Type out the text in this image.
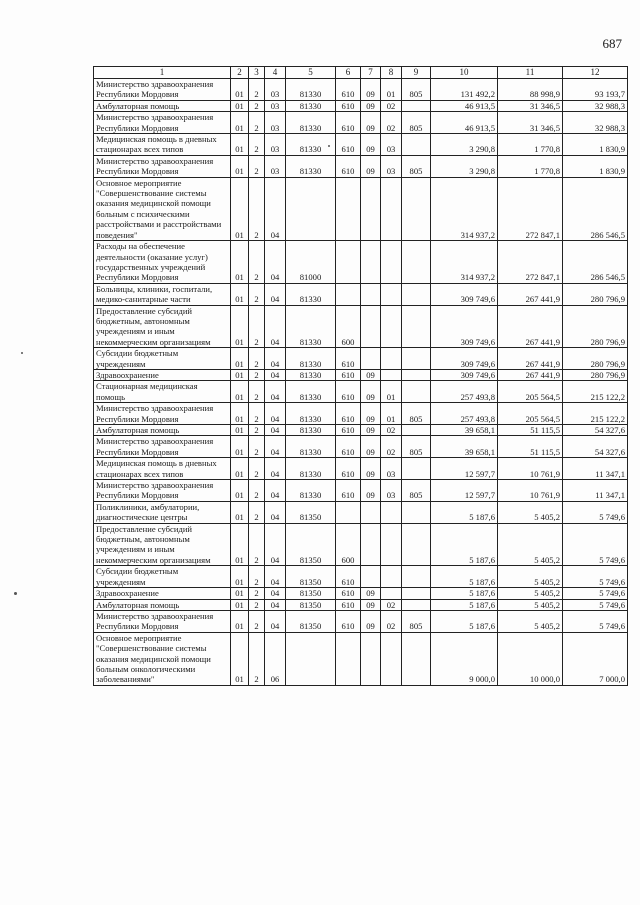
687
1	2	3	4	5	6	7	8	9	10	11	12
Министерство здравоохранения Республики Мордовия	01	2	03	81330	610	09	01	805	131 492,2	88 998,9	93 193,7
Амбулаторная помощь	01	2	03	81330	610	09	02		46 913,5	31 346,5	32 988,3
Министерство здравоохранения Республики Мордовия	01	2	03	81330	610	09	02	805	46 913,5	31 346,5	32 988,3
Медицинская помощь в дневных стационарах всех типов	01	2	03	81330	610	09	03		3 290,8	1 770,8	1 830,9
Министерство здравоохранения Республики Мордовия	01	2	03	81330	610	09	03	805	3 290,8	1 770,8	1 830,9
Основное мероприятие "Совершенствование системы оказания медицинской помощи больным с психическими расстройствами и расстройствами поведения"	01	2	04						314 937,2	272 847,1	286 546,5
Расходы на обеспечение деятельности (оказание услуг) государственных учреждений Республики Мордовия	01	2	04	81000					314 937,2	272 847,1	286 546,5
Больницы, клиники, госпитали, медико-санитарные части	01	2	04	81330					309 749,6	267 441,9	280 796,9
Предоставление субсидий бюджетным, автономным учреждениям и иным некоммерческим организациям	01	2	04	81330	600				309 749,6	267 441,9	280 796,9
Субсидии бюджетным учреждениям	01	2	04	81330	610				309 749,6	267 441,9	280 796,9
Здравоохранение	01	2	04	81330	610	09			309 749,6	267 441,9	280 796,9
Стационарная медицинская помощь	01	2	04	81330	610	09	01		257 493,8	205 564,5	215 122,2
Министерство здравоохранения Республики Мордовия	01	2	04	81330	610	09	01	805	257 493,8	205 564,5	215 122,2
Амбулаторная помощь	01	2	04	81330	610	09	02		39 658,1	51 115,5	54 327,6
Министерство здравоохранения Республики Мордовия	01	2	04	81330	610	09	02	805	39 658,1	51 115,5	54 327,6
Медицинская помощь в дневных стационарах всех типов	01	2	04	81330	610	09	03		12 597,7	10 761,9	11 347,1
Министерство здравоохранения Республики Мордовия	01	2	04	81330	610	09	03	805	12 597,7	10 761,9	11 347,1
Поликлиники, амбулатории, диагностические центры	01	2	04	81350					5 187,6	5 405,2	5 749,6
Предоставление субсидий бюджетным, автономным учреждениям и иным некоммерческим организациям	01	2	04	81350	600				5 187,6	5 405,2	5 749,6
Субсидии бюджетным учреждениям	01	2	04	81350	610				5 187,6	5 405,2	5 749,6
Здравоохранение	01	2	04	81350	610	09			5 187,6	5 405,2	5 749,6
Амбулаторная помощь	01	2	04	81350	610	09	02		5 187,6	5 405,2	5 749,6
Министерство здравоохранения Республики Мордовия	01	2	04	81350	610	09	02	805	5 187,6	5 405,2	5 749,6
Основное мероприятие "Совершенствование системы оказания медицинской помощи больным онкологическими заболеваниями"	01	2	06						9 000,0	10 000,0	7 000,0
